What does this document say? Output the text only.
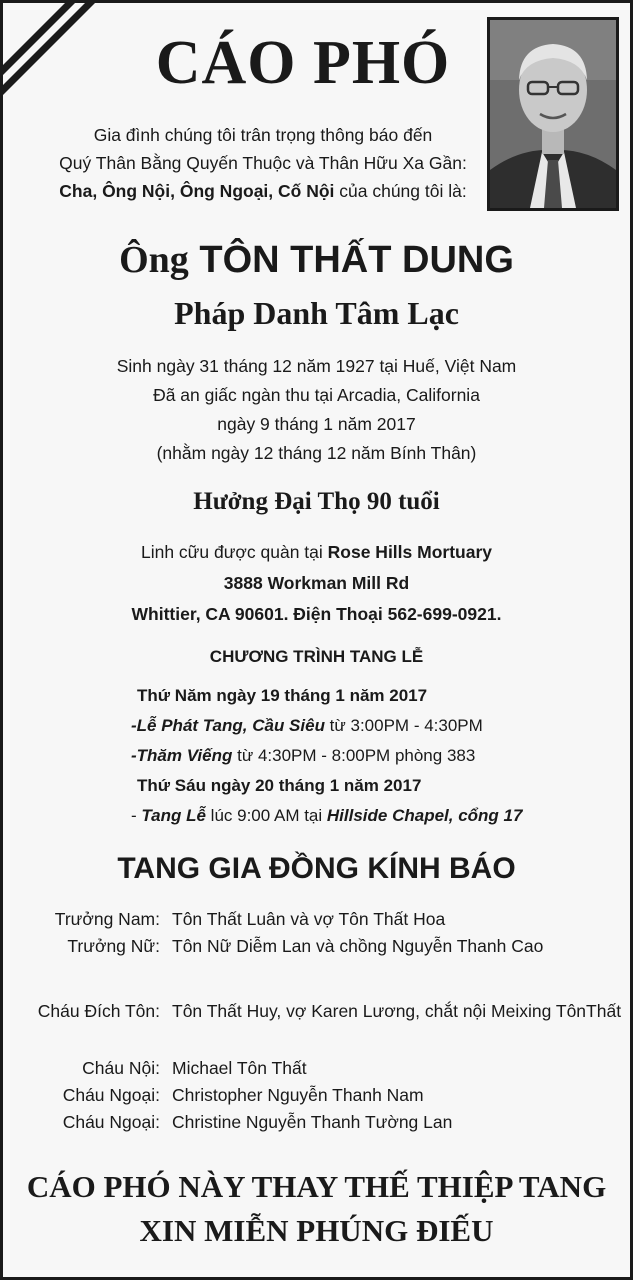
CÁO PHÓ
Gia đình chúng tôi trân trọng thông báo đến
Quý Thân Bằng Quyến Thuộc và Thân Hữu Xa Gần:
Cha, Ông Nội, Ông Ngoại, Cố Nội của chúng tôi là:
Ông TÔN THẤT DUNG
Pháp Danh Tâm Lạc
Sinh ngày 31 tháng 12 năm 1927 tại Huế, Việt Nam
Đã an giấc ngàn thu tại Arcadia, California
ngày 9 tháng 1 năm 2017
(nhằm ngày 12 tháng 12 năm Bính Thân)
Hưởng Đại Thọ 90 tuổi
Linh cữu được quàn tại Rose Hills Mortuary
3888 Workman Mill Rd
Whittier, CA 90601. Điện Thoại 562-699-0921.
CHƯƠNG TRÌNH TANG LỄ
Thứ Năm ngày 19 tháng 1 năm 2017
-Lễ Phát Tang, Cầu Siêu từ 3:00PM - 4:30PM
-Thăm Viếng từ 4:30PM - 8:00PM phòng 383
Thứ Sáu ngày 20 tháng 1 năm 2017
- Tang Lễ lúc 9:00 AM tại Hillside Chapel, cổng 17
TANG GIA ĐỒNG KÍNH BÁO
Trưởng Nam: Tôn Thất Luân và vợ Tôn Thất Hoa
Trưởng Nữ: Tôn Nữ Diễm Lan và chồng Nguyễn Thanh Cao
Cháu Đích Tôn: Tôn Thất Huy, vợ Karen Lương, chắt nội Meixing TônThất
Cháu Nội: Michael Tôn Thất
Cháu Ngoại: Christopher Nguyễn Thanh Nam
Cháu Ngoại: Christine Nguyễn Thanh Tường Lan
CÁO PHÓ NÀY THAY THẾ THIỆP TANG
XIN MIỄN PHÚNG ĐIẾU
